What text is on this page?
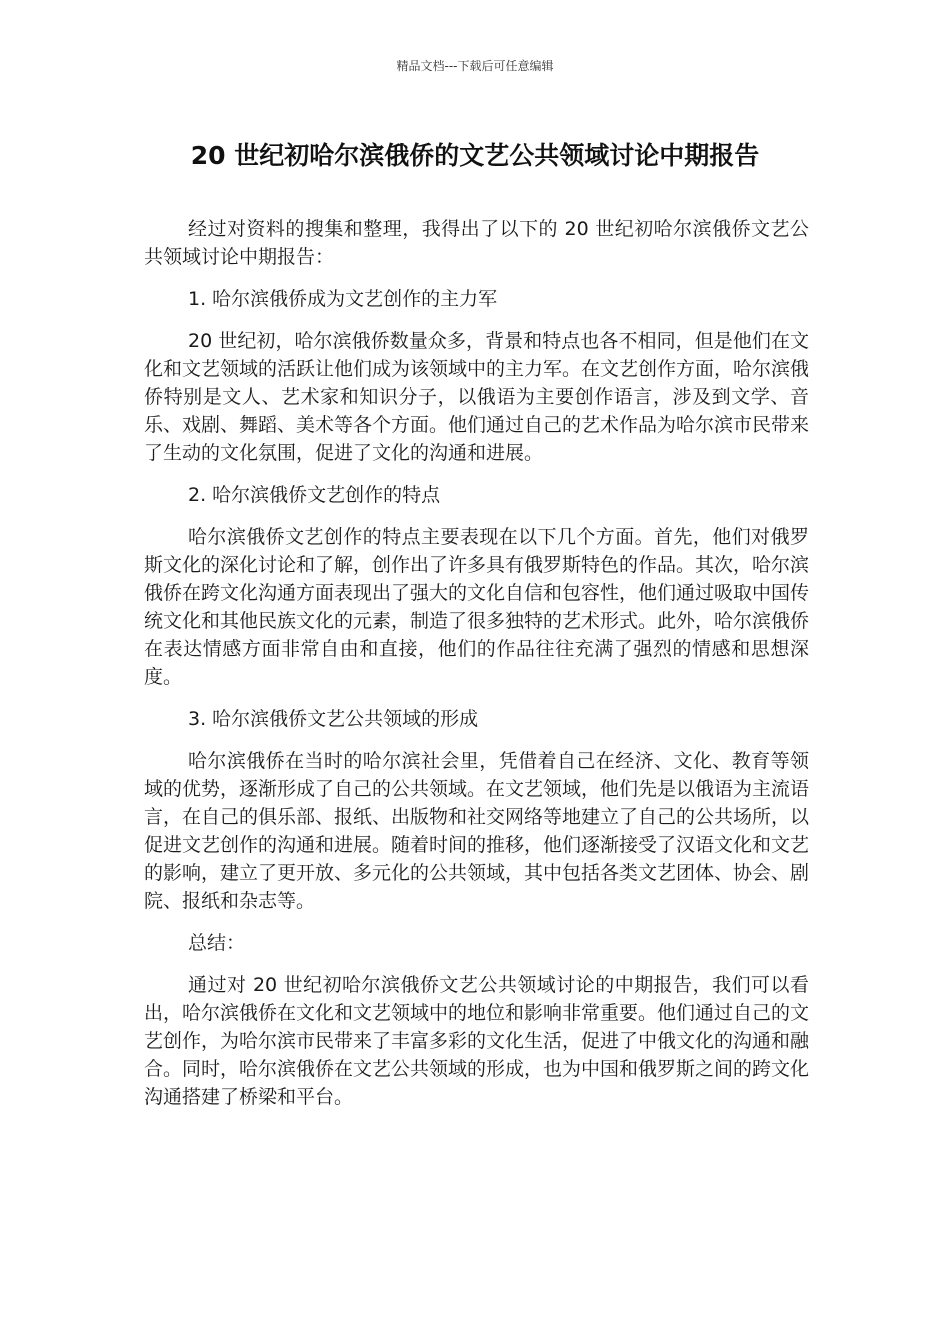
精品文档---下载后可任意编辑
20 世纪初哈尔滨俄侨的文艺公共领域讨论中期报告

经过对资料的搜集和整理，我得出了以下的 20 世纪初哈尔滨俄侨文艺公共领域讨论中期报告：

1. 哈尔滨俄侨成为文艺创作的主力军

20 世纪初，哈尔滨俄侨数量众多，背景和特点也各不相同，但是他们在文化和文艺领域的活跃让他们成为该领域中的主力军。在文艺创作方面，哈尔滨俄侨特别是文人、艺术家和知识分子，以俄语为主要创作语言，涉及到文学、音乐、戏剧、舞蹈、美术等各个方面。他们通过自己的艺术作品为哈尔滨市民带来了生动的文化氛围，促进了文化的沟通和进展。

2. 哈尔滨俄侨文艺创作的特点

哈尔滨俄侨文艺创作的特点主要表现在以下几个方面。首先，他们对俄罗斯文化的深化讨论和了解，创作出了许多具有俄罗斯特色的作品。其次，哈尔滨俄侨在跨文化沟通方面表现出了强大的文化自信和包容性，他们通过吸取中国传统文化和其他民族文化的元素，制造了很多独特的艺术形式。此外，哈尔滨俄侨在表达情感方面非常自由和直接，他们的作品往往充满了强烈的情感和思想深度。

3. 哈尔滨俄侨文艺公共领域的形成

哈尔滨俄侨在当时的哈尔滨社会里，凭借着自己在经济、文化、教育等领域的优势，逐渐形成了自己的公共领域。在文艺领域，他们先是以俄语为主流语言，在自己的俱乐部、报纸、出版物和社交网络等地建立了自己的公共场所，以促进文艺创作的沟通和进展。随着时间的推移，他们逐渐接受了汉语文化和文艺的影响，建立了更开放、多元化的公共领域，其中包括各类文艺团体、协会、剧院、报纸和杂志等。

总结：

通过对 20 世纪初哈尔滨俄侨文艺公共领域讨论的中期报告，我们可以看出，哈尔滨俄侨在文化和文艺领域中的地位和影响非常重要。他们通过自己的文艺创作，为哈尔滨市民带来了丰富多彩的文化生活，促进了中俄文化的沟通和融合。同时，哈尔滨俄侨在文艺公共领域的形成，也为中国和俄罗斯之间的跨文化沟通搭建了桥梁和平台。
